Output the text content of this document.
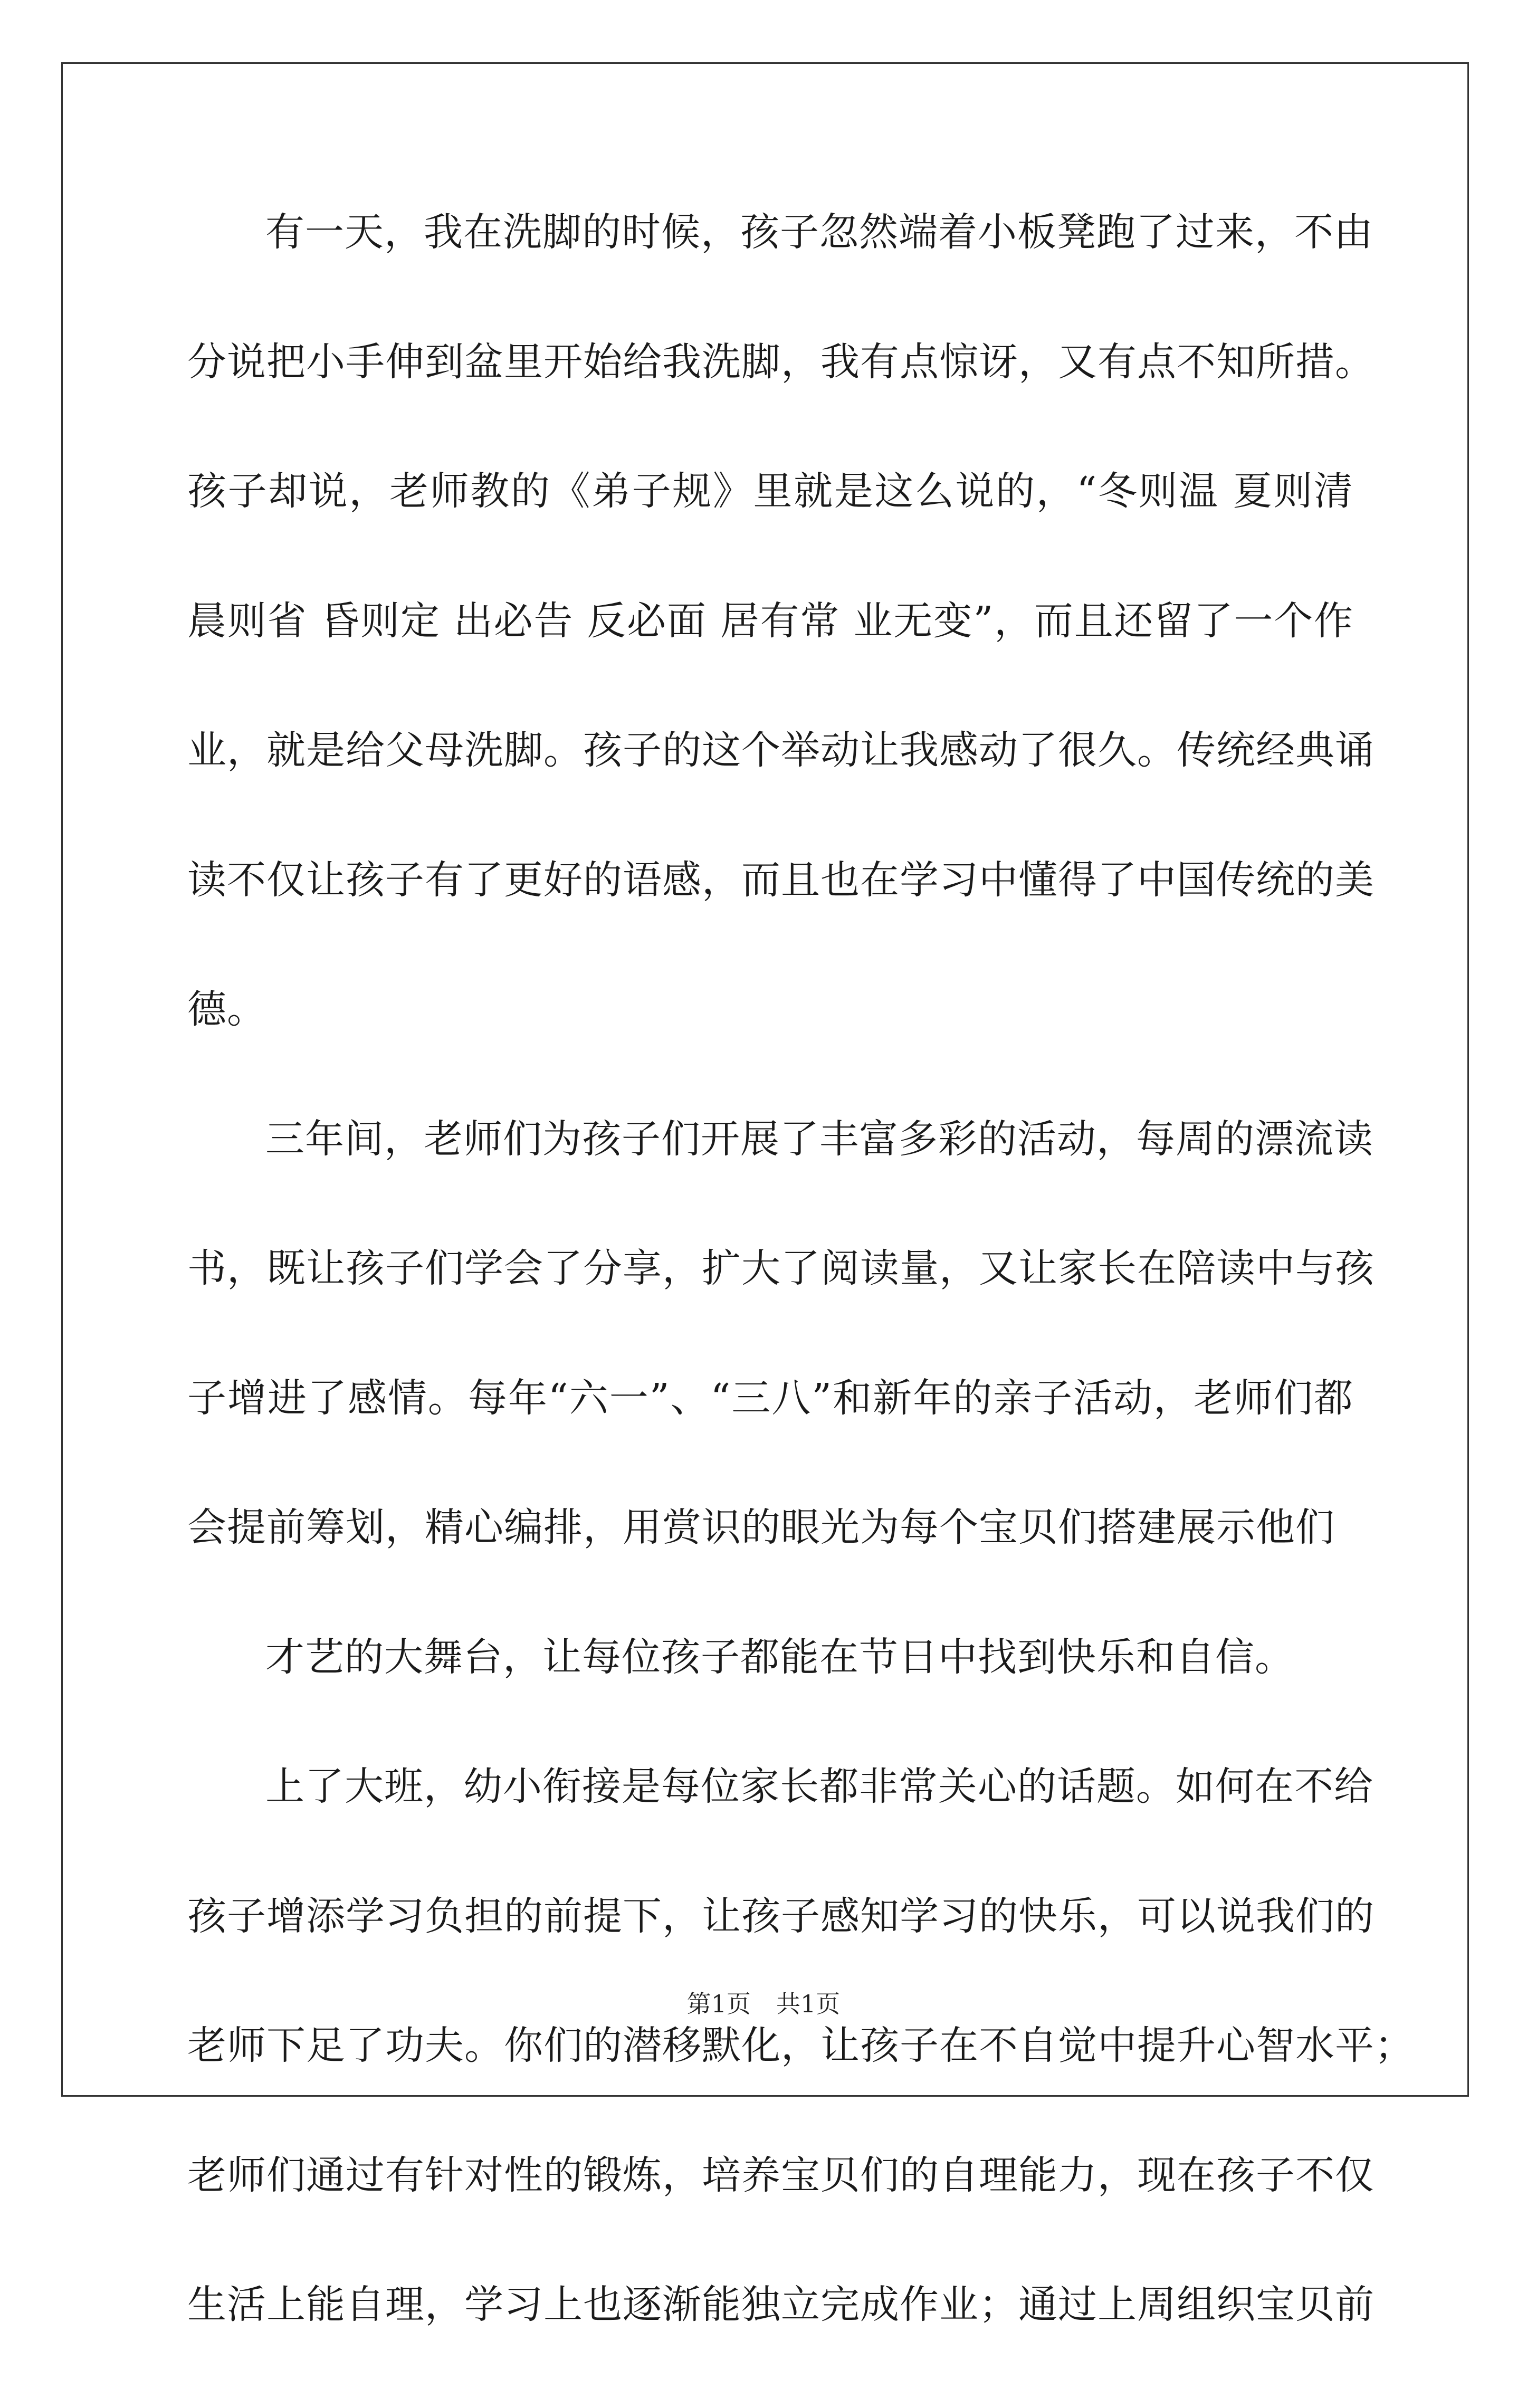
有一天，我在洗脚的时候，孩子忽然端着小板凳跑了过来，不由
分说把小手伸到盆里开始给我洗脚，我有点惊讶，又有点不知所措。
孩子却说，老师教的《弟子规》里就是这么说的，“冬则温 夏则清
晨则省 昏则定 出必告 反必面 居有常 业无变”，而且还留了一个作
业，就是给父母洗脚。孩子的这个举动让我感动了很久。传统经典诵
读不仅让孩子有了更好的语感，而且也在学习中懂得了中国传统的美
德。
三年间，老师们为孩子们开展了丰富多彩的活动，每周的漂流读
书，既让孩子们学会了分享，扩大了阅读量，又让家长在陪读中与孩
子增进了感情。每年“六一”、“三八”和新年的亲子活动，老师们都
会提前筹划，精心编排，用赏识的眼光为每个宝贝们搭建展示他们
才艺的大舞台，让每位孩子都能在节日中找到快乐和自信。
上了大班，幼小衔接是每位家长都非常关心的话题。如何在不给
孩子增添学习负担的前提下，让孩子感知学习的快乐，可以说我们的
老师下足了功夫。你们的潜移默化，让孩子在不自觉中提升心智水平；
老师们通过有针对性的锻炼，培养宝贝们的自理能力，现在孩子不仅
生活上能自理，学习上也逐渐能独立完成作业；通过上周组织宝贝前
第1页 共1页
